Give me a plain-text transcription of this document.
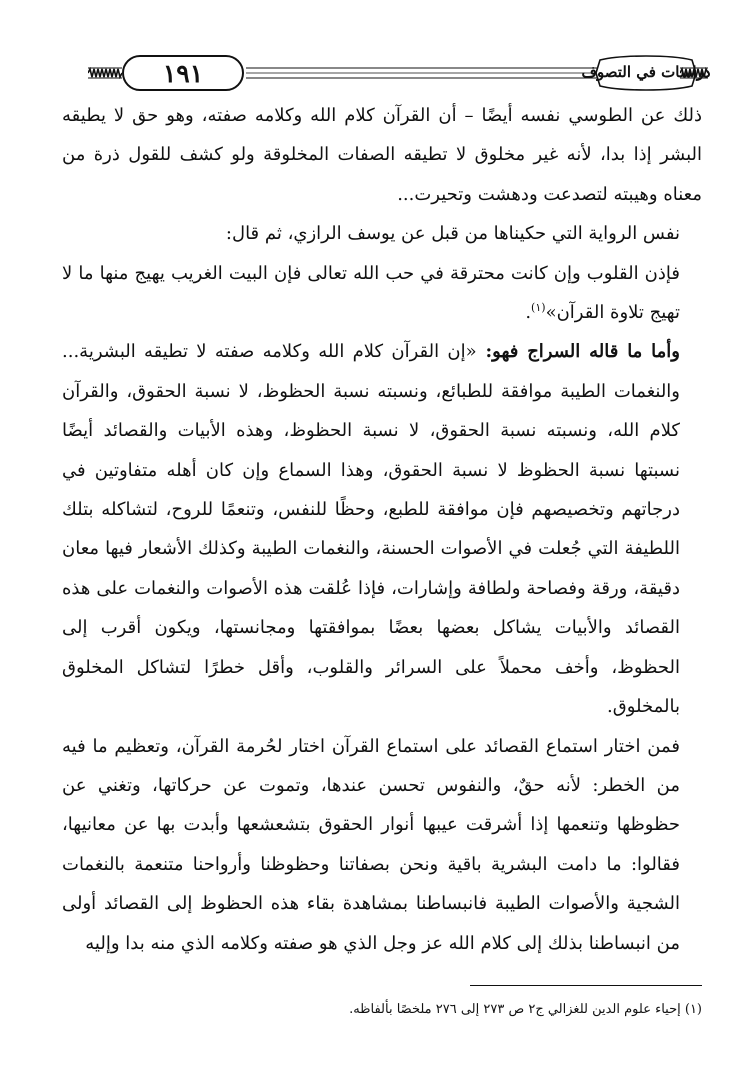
١٩١	دراسات في التصوف

ذلك عن الطوسي نفسه أيضًا – أن القرآن كلام الله وكلامه صفته، وهو حق لا يطيقه البشر إذا بدا، لأنه غير مخلوق لا تطيقه الصفات المخلوقة ولو كشف للقول ذرة من معناه وهيبته لتصدعت ودهشت وتحيرت...

نفس الرواية التي حكيناها من قبل عن يوسف الرازي، ثم قال:

فإذن القلوب وإن كانت محترقة في حب الله تعالى فإن البيت الغريب يهيج منها ما لا تهيج تلاوة القرآن»$^{(١)}$.

وأما ما قاله السراج فهو: «إن القرآن كلام الله وكلامه صفته لا تطيقه البشرية... والنغمات الطيبة موافقة للطبائع، ونسبته نسبة الحظوظ، لا نسبة الحقوق، والقرآن كلام الله، ونسبته نسبة الحقوق، لا نسبة الحظوظ، وهذه الأبيات والقصائد أيضًا نسبتها نسبة الحظوظ لا نسبة الحقوق، وهذا السماع وإن كان أهله متفاوتين في درجاتهم وتخصيصهم فإن موافقة للطبع، وحظًا للنفس، وتنعمًا للروح، لتشاكله بتلك اللطيفة التي جُعلت في الأصوات الحسنة، والنغمات الطيبة وكذلك الأشعار فيها معان دقيقة، ورقة وفصاحة ولطافة وإشارات، فإذا عُلقت هذه الأصوات والنغمات على هذه القصائد والأبيات يشاكل بعضها بعضًا بموافقتها ومجانستها، ويكون أقرب إلى الحظوظ، وأخف محملاً على السرائر والقلوب، وأقل خطرًا لتشاكل المخلوق بالمخلوق.

فمن اختار استماع القصائد على استماع القرآن اختار لحُرمة القرآن، وتعظيم ما فيه من الخطر: لأنه حقٌ، والنفوس تحسن عندها، وتموت عن حركاتها، وتغني عن حظوظها وتنعمها إذا أشرقت عيبها أنوار الحقوق بتشعشعها وأبدت بها عن معانيها، فقالوا: ما دامت البشرية باقية ونحن بصفاتنا وحظوظنا وأرواحنا متنعمة بالنغمات الشجية والأصوات الطيبة فانبساطنا بمشاهدة بقاء هذه الحظوظ إلى القصائد أولى من انبساطنا بذلك إلى كلام الله عز وجل الذي هو صفته وكلامه الذي منه بدا وإليه

(١) إحياء علوم الدين للغزالي ج٢ ص ٢٧٣ إلى ٢٧٦ ملخصًا بألفاظه.
